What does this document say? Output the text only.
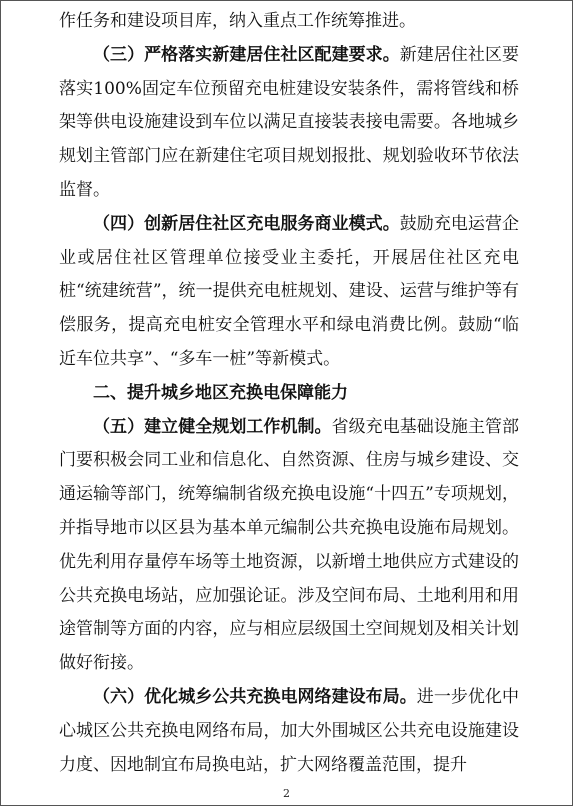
作任务和建设项目库，纳入重点工作统筹推进。

（三）严格落实新建居住社区配建要求。新建居住社区要落实100%固定车位预留充电桩建设安装条件，需将管线和桥架等供电设施建设到车位以满足直接装表接电需要。各地城乡规划主管部门应在新建住宅项目规划报批、规划验收环节依法监督。

（四）创新居住社区充电服务商业模式。鼓励充电运营企业或居住社区管理单位接受业主委托，开展居住社区充电桩“统建统营”，统一提供充电桩规划、建设、运营与维护等有偿服务，提高充电桩安全管理水平和绿电消费比例。鼓励“临近车位共享”、“多车一桩”等新模式。

二、提升城乡地区充换电保障能力

（五）建立健全规划工作机制。省级充电基础设施主管部门要积极会同工业和信息化、自然资源、住房与城乡建设、交通运输等部门，统筹编制省级充换电设施“十四五”专项规划，并指导地市以区县为基本单元编制公共充换电设施布局规划。优先利用存量停车场等土地资源，以新增土地供应方式建设的公共充换电场站，应加强论证。涉及空间布局、土地利用和用途管制等方面的内容，应与相应层级国土空间规划及相关计划做好衔接。

（六）优化城乡公共充换电网络建设布局。进一步优化中心城区公共充换电网络布局，加大外围城区公共充电设施建设力度、因地制宜布局换电站，扩大网络覆盖范围，提升

2
